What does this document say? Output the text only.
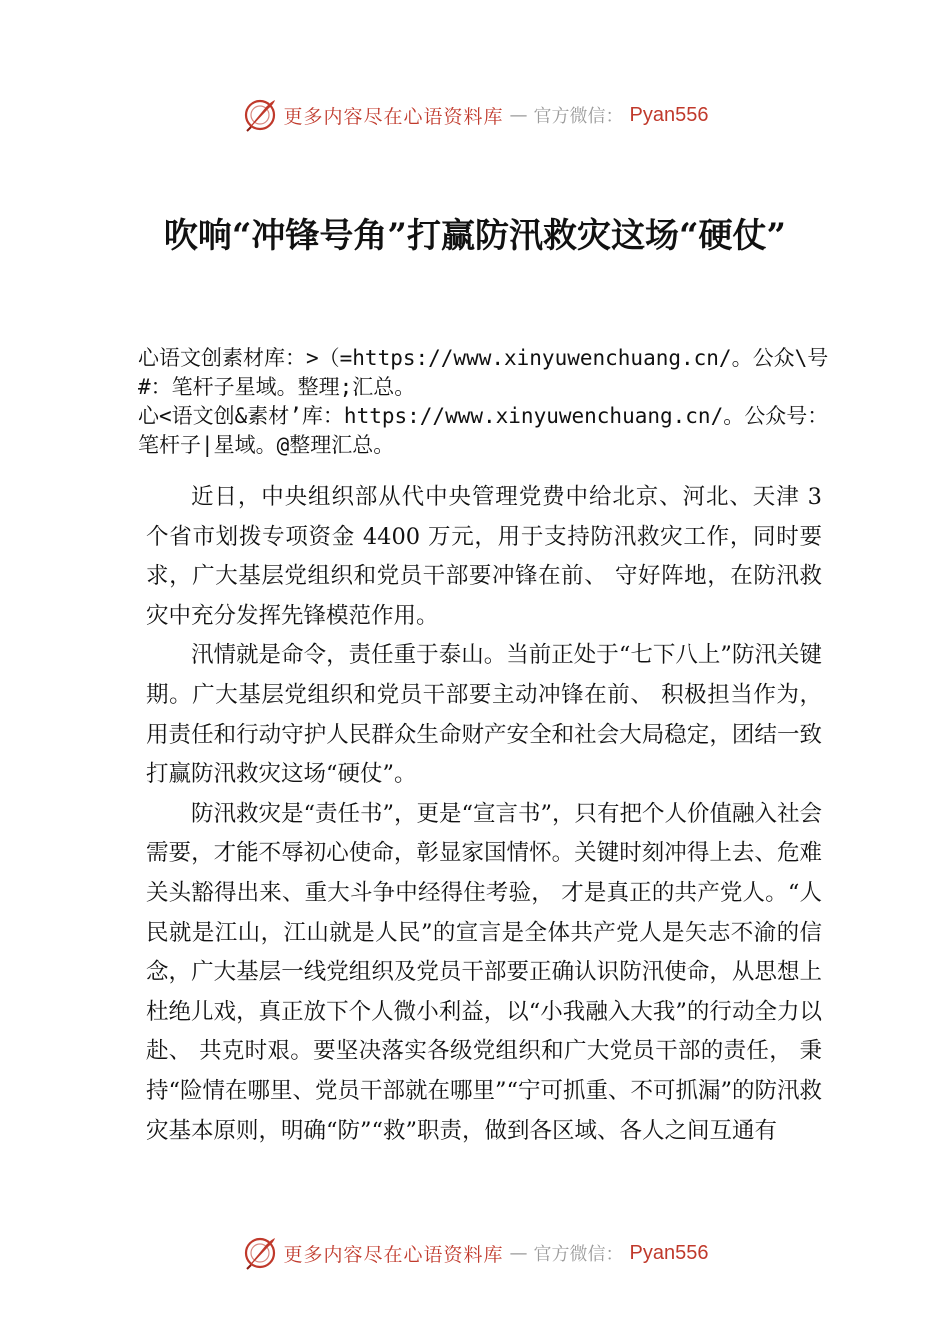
更多内容尽在心语资料库 — 官方微信： Pyan556
吹响“冲锋号角”打赢防汛救灾这场“硬仗”

心语文创素材库：>（=https://www.xinyuwenchuang.cn/。公众\号#：笔杆子星域。整理;汇总。

心<语文创&素材’库：https://www.xinyuwenchuang.cn/。公众号：笔杆子|星域。@整理汇总。

近日，中央组织部从代中央管理党费中给北京、河北、天津 3 个省市划拨专项资金 4400 万元，用于支持防汛救灾工作，同时要求，广大基层党组织和党员干部要冲锋在前、 守好阵地，在防汛救灾中充分发挥先锋模范作用。

汛情就是命令，责任重于泰山。当前正处于“七下八上”防汛关键期。广大基层党组织和党员干部要主动冲锋在前、 积极担当作为，用责任和行动守护人民群众生命财产安全和社会大局稳定，团结一致打赢防汛救灾这场“硬仗”。

防汛救灾是“责任书”，更是“宣言书”，只有把个人价值融入社会需要，才能不辱初心使命，彰显家国情怀。关键时刻冲得上去、危难关头豁得出来、重大斗争中经得住考验， 才是真正的共产党人。“人民就是江山，江山就是人民”的宣言是全体共产党人是矢志不渝的信念，广大基层一线党组织及党员干部要正确认识防汛使命，从思想上杜绝儿戏，真正放下个人微小利益，以“小我融入大我”的行动全力以赴、 共克时艰。要坚决落实各级党组织和广大党员干部的责任， 秉持“险情在哪里、党员干部就在哪里”“宁可抓重、不可抓漏”的防汛救灾基本原则，明确“防”“救”职责，做到各区域、各人之间互通有

更多内容尽在心语资料库 — 官方微信： Pyan556
